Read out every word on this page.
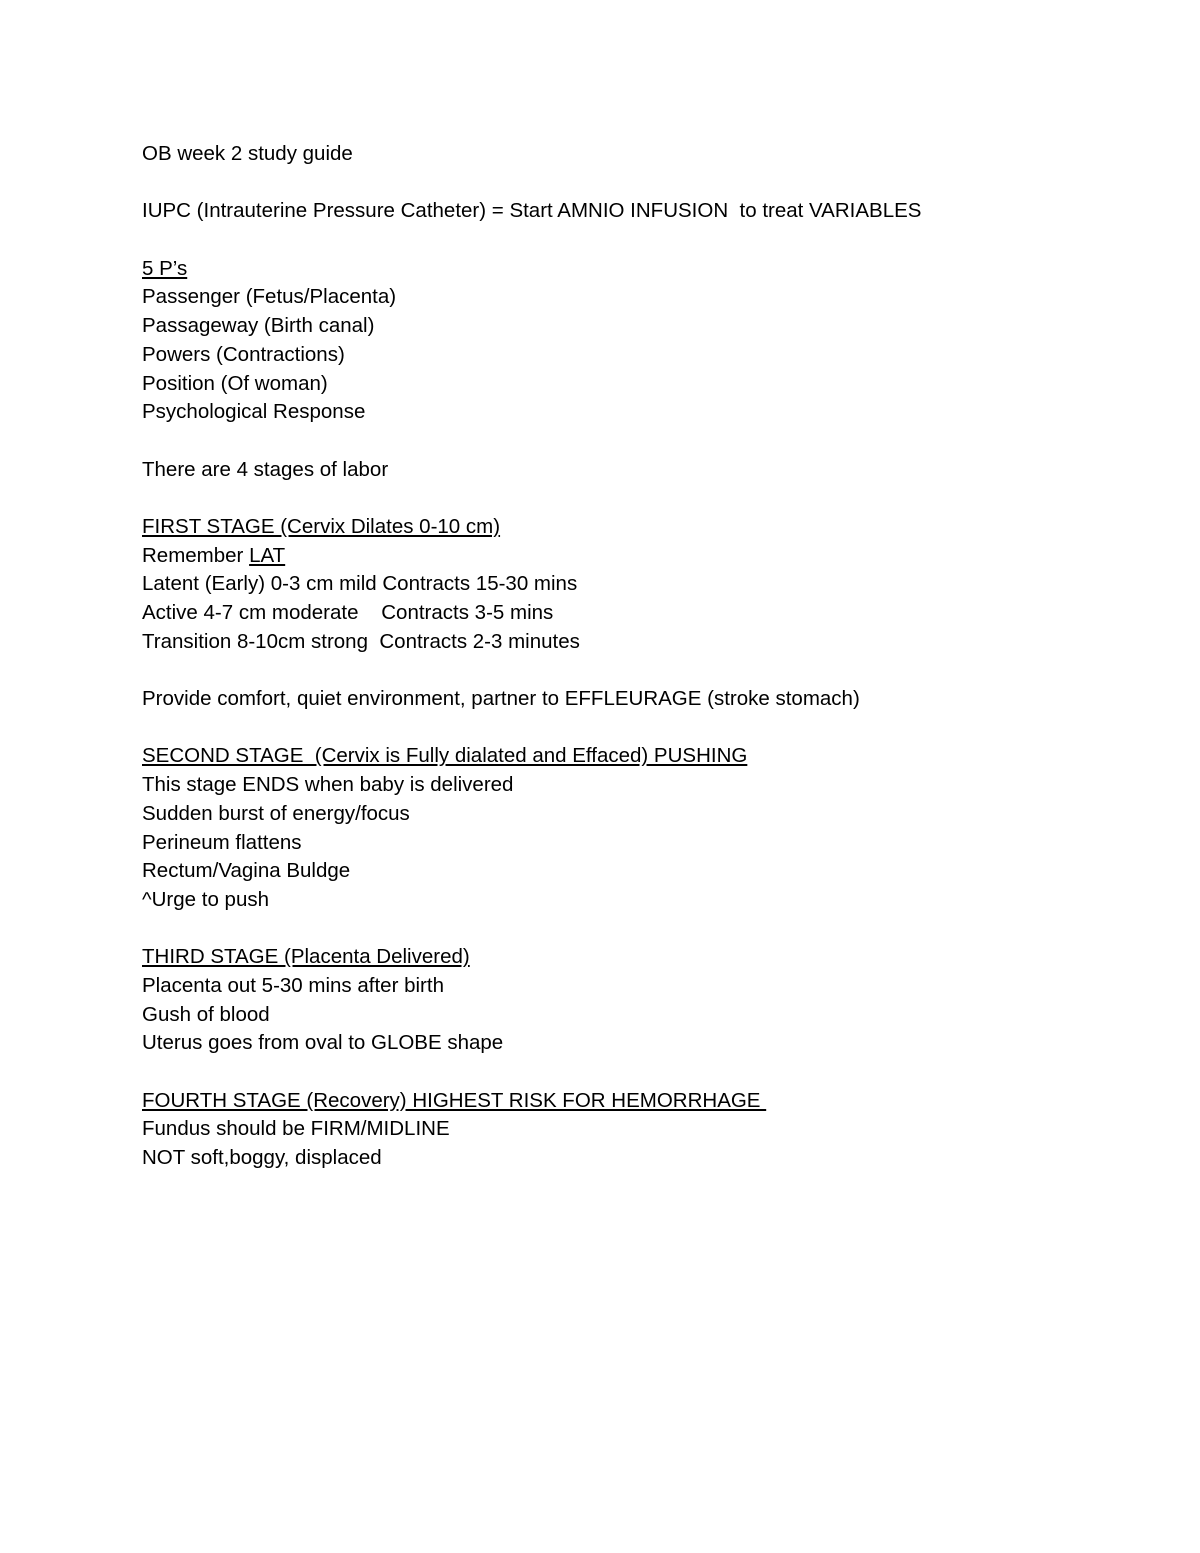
OB week 2 study guide
IUPC (Intrauterine Pressure Catheter) = Start AMNIO INFUSION  to treat VARIABLES
5 P’s
Passenger (Fetus/Placenta)
Passageway (Birth canal)
Powers (Contractions)
Position (Of woman)
Psychological Response
There are 4 stages of labor
FIRST STAGE (Cervix Dilates 0-10 cm)
Remember LAT
Latent (Early) 0-3 cm mild Contracts 15-30 mins
Active 4-7 cm moderate    Contracts 3-5 mins
Transition 8-10cm strong  Contracts 2-3 minutes
Provide comfort, quiet environment, partner to EFFLEURAGE (stroke stomach)
SECOND STAGE  (Cervix is Fully dialated and Effaced) PUSHING
This stage ENDS when baby is delivered
Sudden burst of energy/focus
Perineum flattens
Rectum/Vagina Buldge
^Urge to push
THIRD STAGE (Placenta Delivered)
Placenta out 5-30 mins after birth
Gush of blood
Uterus goes from oval to GLOBE shape
FOURTH STAGE (Recovery) HIGHEST RISK FOR HEMORRHAGE
Fundus should be FIRM/MIDLINE
NOT soft,boggy, displaced
